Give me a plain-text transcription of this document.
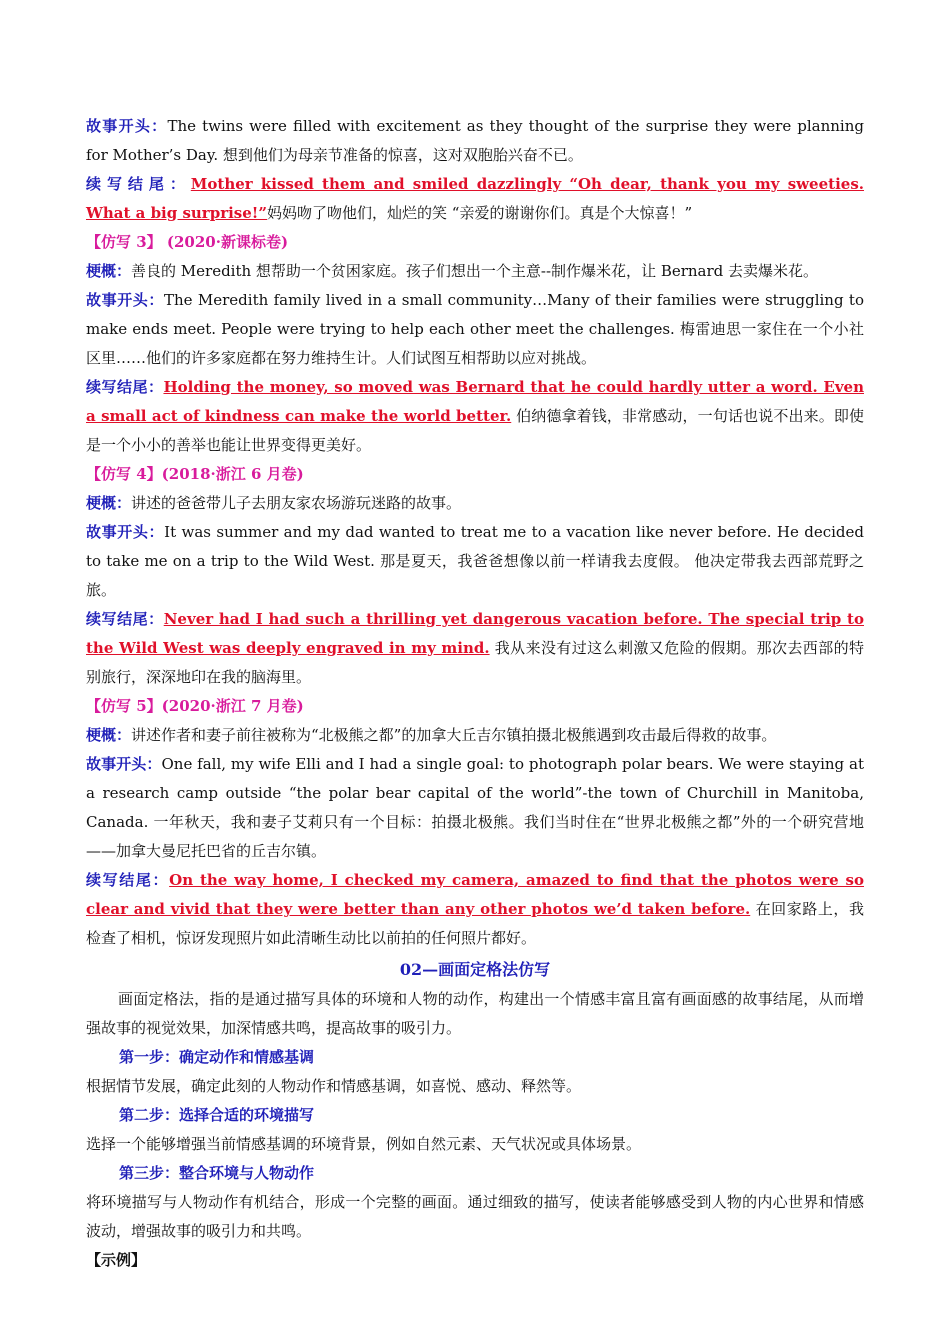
故事开头：The twins were filled with excitement as they thought of the surprise they were planning for Mother’s Day. 想到他们为母亲节准备的惊喜，这对双胞胎兴奋不已。

续写结尾：Mother kissed them and smiled dazzlingly “Oh dear, thank you my sweeties. What a big surprise!”妈妈吻了吻他们，灿烂的笑 “亲爱的谢谢你们。真是个大惊喜！”

【仿写 3】 (2020·新课标卷)

梗概：善良的 Meredith 想帮助一个贫困家庭。孩子们想出一个主意--制作爆米花，让 Bernard 去卖爆米花。

故事开头：The Meredith family lived in a small community…Many of their families were struggling to make ends meet. People were trying to help each other meet the challenges. 梅雷迪思一家住在一个小社区里……他们的许多家庭都在努力维持生计。人们试图互相帮助以应对挑战。

续写结尾：Holding the money, so moved was Bernard that he could hardly utter a word. Even a small act of kindness can make the world better. 伯纳德拿着钱，非常感动，一句话也说不出来。即使是一个小小的善举也能让世界变得更美好。

【仿写 4】(2018·浙江 6 月卷)

梗概：讲述的爸爸带儿子去朋友家农场游玩迷路的故事。

故事开头：It was summer and my dad wanted to treat me to a vacation like never before. He decided to take me on a trip to the Wild West. 那是夏天，我爸爸想像以前一样请我去度假。 他决定带我去西部荒野之旅。

续写结尾：Never had I had such a thrilling yet dangerous vacation before. The special trip to the Wild West was deeply engraved in my mind. 我从来没有过这么刺激又危险的假期。那次去西部的特别旅行，深深地印在我的脑海里。

【仿写 5】(2020·浙江 7 月卷)

梗概：讲述作者和妻子前往被称为“北极熊之都”的加拿大丘吉尔镇拍摄北极熊遇到攻击最后得救的故事。

故事开头：One fall, my wife Elli and I had a single goal: to photograph polar bears. We were staying at a research camp outside “the polar bear capital of the world”-the town of Churchill in Manitoba, Canada. 一年秋天，我和妻子艾莉只有一个目标：拍摄北极熊。我们当时住在“世界北极熊之都”外的一个研究营地——加拿大曼尼托巴省的丘吉尔镇。

续写结尾：On the way home, I checked my camera, amazed to find that the photos were so clear and vivid that they were better than any other photos we’d taken before. 在回家路上，我检查了相机，惊讶发现照片如此清晰生动比以前拍的任何照片都好。

02—画面定格法仿写

画面定格法，指的是通过描写具体的环境和人物的动作，构建出一个情感丰富且富有画面感的故事结尾，从而增强故事的视觉效果，加深情感共鸣，提高故事的吸引力。

第一步：确定动作和情感基调

根据情节发展，确定此刻的人物动作和情感基调，如喜悦、感动、释然等。

第二步：选择合适的环境描写

选择一个能够增强当前情感基调的环境背景，例如自然元素、天气状况或具体场景。

第三步：整合环境与人物动作

将环境描写与人物动作有机结合，形成一个完整的画面。通过细致的描写，使读者能够感受到人物的内心世界和情感波动，增强故事的吸引力和共鸣。

【示例】
